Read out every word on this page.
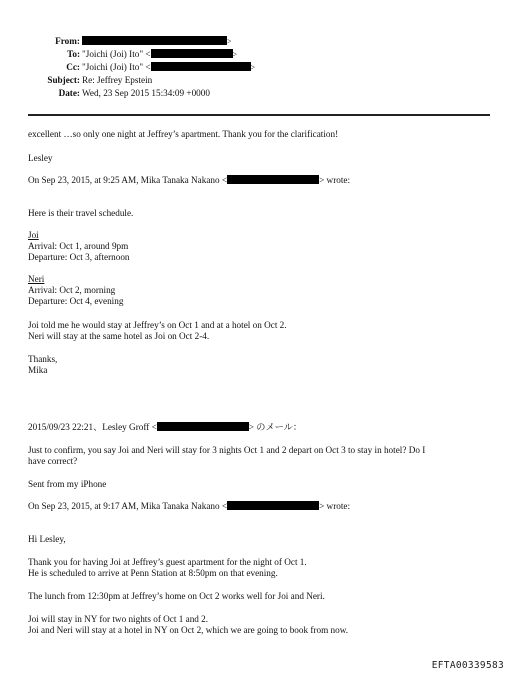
From:	>
To: "Joichi (Joi) Ito" <	>
Cc: "Joichi (Joi) Ito" <	>
Subject: Re: Jeffrey Epstein
Date: Wed, 23 Sep 2015 15:34:09 +0000
excellent …so only one night at Jeffrey’s apartment. Thank you for the clarification!
Lesley
On Sep 23, 2015, at 9:25 AM, Mika Tanaka Nakano <	> wrote:
Here is their travel schedule.
Joi
Arrival: Oct 1, around 9pm
Departure: Oct 3, afternoon
Neri
Arrival: Oct 2, morning
Departure: Oct 4, evening
Joi told me he would stay at Jeffrey’s on Oct 1 and at a hotel on Oct 2.
Neri will stay at the same hotel as Joi on Oct 2-4.
Thanks,
Mika
2015/09/23 22:21、Lesley Groff <	> のメール：
Just to confirm, you say Joi and Neri will stay for 3 nights Oct 1 and 2 depart on Oct 3 to stay in hotel? Do I
have correct?
Sent from my iPhone
On Sep 23, 2015, at 9:17 AM, Mika Tanaka Nakano <	> wrote:
Hi Lesley,
Thank you for having Joi at Jeffrey’s guest apartment for the night of Oct 1.
He is scheduled to arrive at Penn Station at 8:50pm on that evening.
The lunch from 12:30pm at Jeffrey’s home on Oct 2 works well for Joi and Neri.
Joi will stay in NY for two nights of Oct 1 and 2.
Joi and Neri will stay at a hotel in NY on Oct 2, which we are going to book from now.
EFTA00339583
